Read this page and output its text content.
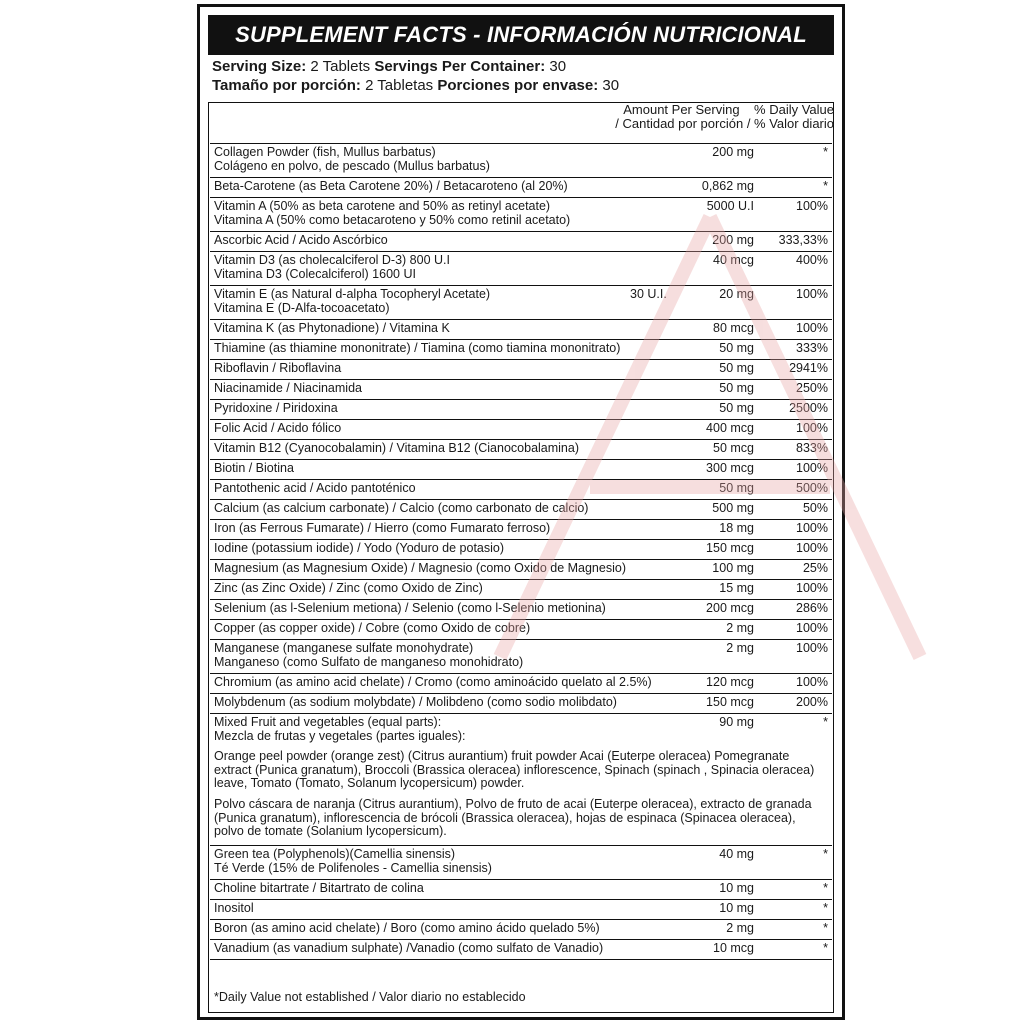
SUPPLEMENT FACTS - INFORMACIÓN NUTRICIONAL
Serving Size: 2 Tablets Servings Per Container: 30
Tamaño por porción: 2 Tabletas Porciones por envase: 30
Amount Per Serving % Daily Value
/ Cantidad por porción / % Valor diario
Collagen Powder (fish, Mullus barbatus)
Colágeno en polvo, de pescado (Mullus barbatus)
200 mg	*
Beta-Carotene (as Beta Carotene 20%) / Betacaroteno (al 20%)	0,862 mg	*
Vitamin A (50% as beta carotene and 50% as retinyl acetate)
Vitamina A (50% como betacaroteno y 50% como retinil acetato)
5000 U.I	100%
Ascorbic Acid / Acido Ascórbico	200 mg 333,33%
Vitamin D3 (as cholecalciferol D-3) 800 U.I
Vitamina D3 (Colecalciferol) 1600 UI
40 mcg	400%
Vitamin E (as Natural d-alpha Tocopheryl Acetate)
Vitamina E (D-Alfa-tocoacetato)
30 U.I.	20 mg	100%
Vitamina K (as Phytonadione) / Vitamina K	80 mcg	100%
Thiamine (as thiamine mononitrate) / Tiamina (como tiamina mononitrato)	50 mg	333%
Riboflavin / Riboflavina	50 mg	2941%
Niacinamide / Niacinamida	50 mg	250%
Pyridoxine / Piridoxina	50 mg	2500%
Folic Acid / Acido fólico	400 mcg	100%
Vitamin B12 (Cyanocobalamin) / Vitamina B12 (Cianocobalamina)	50 mcg	833%
Biotin / Biotina	300 mcg	100%
Pantothenic acid / Acido pantoténico	50 mg	500%
Calcium (as calcium carbonate) / Calcio (como carbonato de calcio)	500 mg	50%
Iron (as Ferrous Fumarate) / Hierro (como Fumarato ferroso)	18 mg	100%
Iodine (potassium iodide) / Yodo (Yoduro de potasio)	150 mcg	100%
Magnesium (as Magnesium Oxide) / Magnesio (como Oxido de Magnesio)	100 mg	25%
Zinc (as Zinc Oxide) / Zinc (como Oxido de Zinc)	15 mg	100%
Selenium (as l-Selenium metiona) / Selenio (como l-Selenio metionina)	200 mcg	286%
Copper (as copper oxide) / Cobre (como Oxido de cobre)	2 mg	100%
Manganese (manganese sulfate monohydrate)
Manganeso (como Sulfato de manganeso monohidrato)
2 mg	100%
Chromium (as amino acid chelate) / Cromo (como aminoácido quelato al 2.5%)	120 mcg	100%
Molybdenum (as sodium molybdate) / Molibdeno (como sodio molibdato)	150 mcg	200%
Mixed Fruit and vegetables (equal parts):
Mezcla de frutas y vegetales (partes iguales):
90 mg	*
Orange peel powder (orange zest) (Citrus aurantium) fruit powder Acai (Euterpe oleracea) Pomegranate extract (Punica granatum), Broccoli (Brassica oleracea) inflorescence, Spinach (spinach , Spinacia oleracea) leave, Tomato (Tomato, Solanum lycopersicum) powder.
Polvo cáscara de naranja (Citrus aurantium), Polvo de fruto de acai (Euterpe oleracea), extracto de granada (Punica granatum), inflorescencia de brócoli (Brassica oleracea), hojas de espinaca (Spinacea oleracea), polvo de tomate (Solanium lycopersicum).
Green tea (Polyphenols)(Camellia sinensis)
Té Verde (15% de Polifenoles - Camellia sinensis)
40 mg	*
Choline bitartrate / Bitartrato de colina	10 mg	*
Inositol	10 mg	*
Boron (as amino acid chelate) / Boro (como amino ácido quelado 5%)	2 mg	*
Vanadium (as vanadium sulphate) /Vanadio (como sulfato de Vanadio)	10 mcg	*
*Daily Value not established / Valor diario no establecido
